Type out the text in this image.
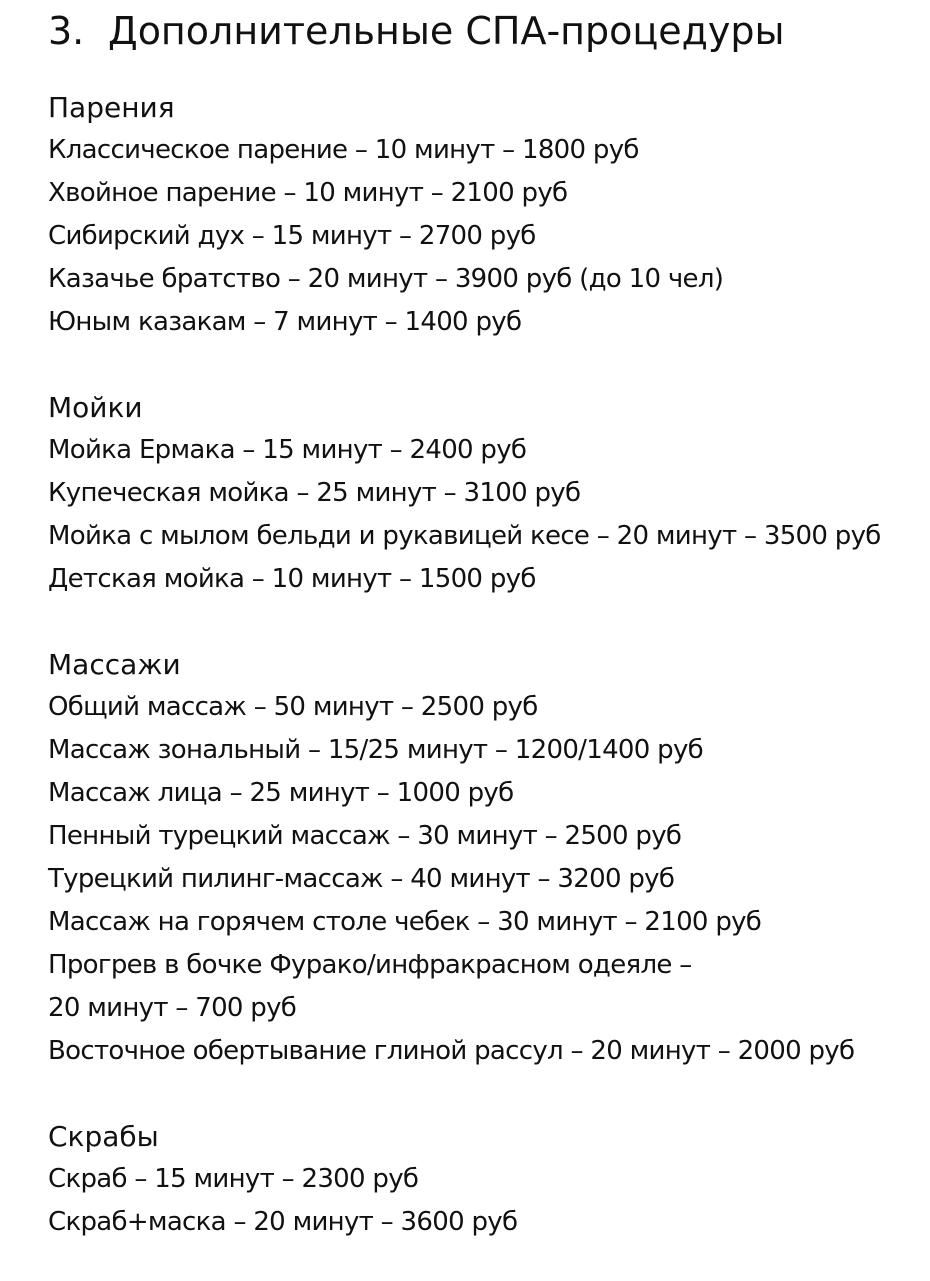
3. Дополнительные СПА-процедуры
Парения
Классическое парение – 10 минут – 1800 руб
Хвойное парение – 10 минут – 2100 руб
Сибирский дух – 15 минут – 2700 руб
Казачье братство – 20 минут – 3900 руб (до 10 чел)
Юным казакам – 7 минут – 1400 руб
Мойки
Мойка Ермака – 15 минут – 2400 руб
Купеческая мойка – 25 минут – 3100 руб
Мойка с мылом бельди и рукавицей кесе – 20 минут – 3500 руб
Детская мойка – 10 минут – 1500 руб
Массажи
Общий массаж – 50 минут – 2500 руб
Массаж зональный – 15/25 минут – 1200/1400 руб
Массаж лица – 25 минут – 1000 руб
Пенный турецкий массаж – 30 минут – 2500 руб
Турецкий пилинг-массаж – 40 минут – 3200 руб
Массаж на горячем столе чебек – 30 минут – 2100 руб
Прогрев в бочке Фурако/инфракрасном одеяле –
20 минут – 700 руб
Восточное обертывание глиной рассул – 20 минут – 2000 руб
Скрабы
Скраб – 15 минут – 2300 руб
Скраб+маска – 20 минут – 3600 руб
